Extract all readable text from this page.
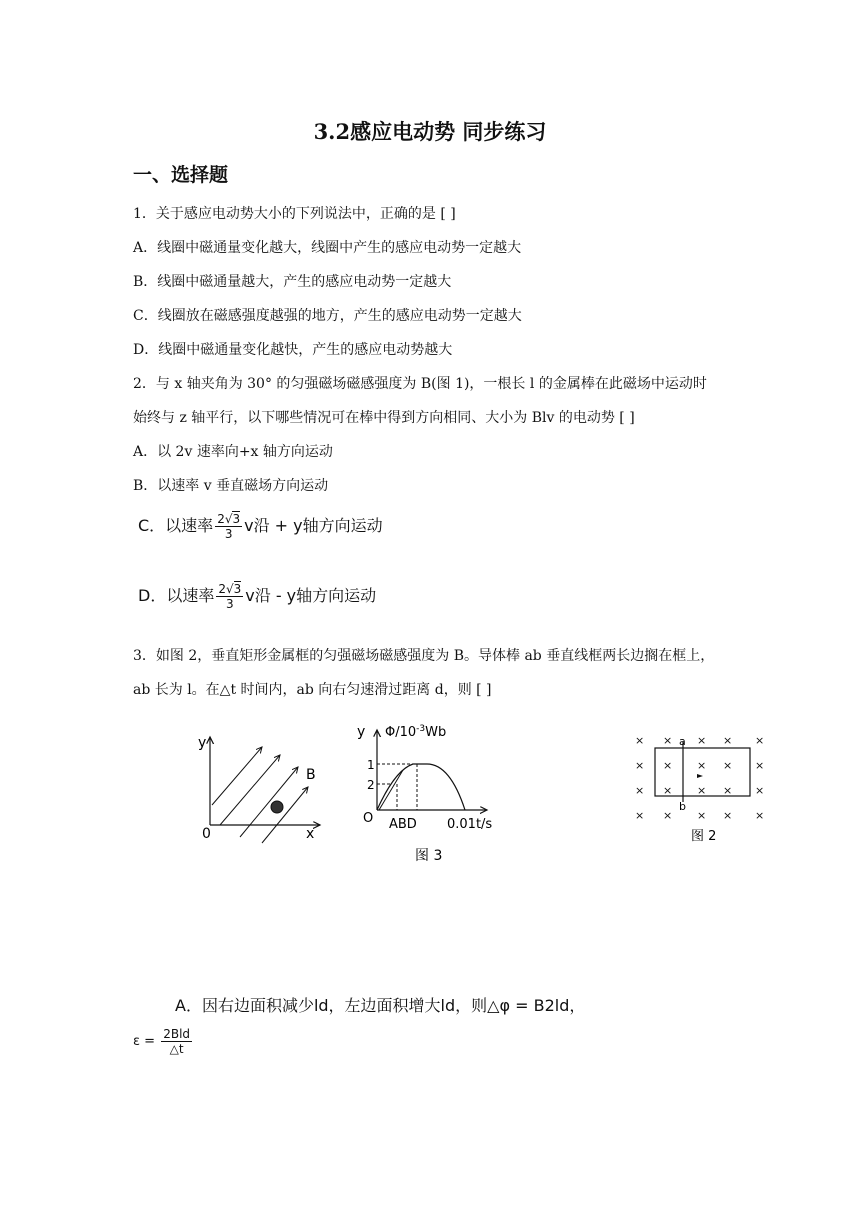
3.2感应电动势 同步练习
一、选择题
1．关于感应电动势大小的下列说法中，正确的是 [ ]
A．线圈中磁通量变化越大，线圈中产生的感应电动势一定越大
B．线圈中磁通量越大，产生的感应电动势一定越大
C．线圈放在磁感强度越强的地方，产生的感应电动势一定越大
D．线圈中磁通量变化越快，产生的感应电动势越大
2．与 x 轴夹角为 30° 的匀强磁场磁感强度为 B(图 1)，一根长 l 的金属棒在此磁场中运动时
始终与 z 轴平行，以下哪些情况可在棒中得到方向相同、大小为 Blv 的电动势 [ ]
A．以 2v 速率向+x 轴方向运动
B．以速率 v 垂直磁场方向运动
C．以速率 $\frac{2√3}{3}$ v沿 + y轴方向运动
D．以速率 $\frac{2√3}{3}$ v沿 - y轴方向运动
3．如图 2，垂直矩形金属框的匀强磁场磁感强度为 B。导体棒 ab 垂直线框两长边搁在框上，
ab 长为 l。在△t 时间内，ab 向右匀速滑过距离 d，则 [ ]
y
0	x
B
y $\Phi/10^{-3}Wb$
1
2
O ABD 0.01t/s
图 3
× × × × ×
× × × × ×
× × × × ×
× × × × ×
a
b
图 2
A．因右边面积减少ld，左边面积增大ld，则△φ = B2ld，
$\varepsilon = \frac{\text{2Bld}}{\triangle t}$
